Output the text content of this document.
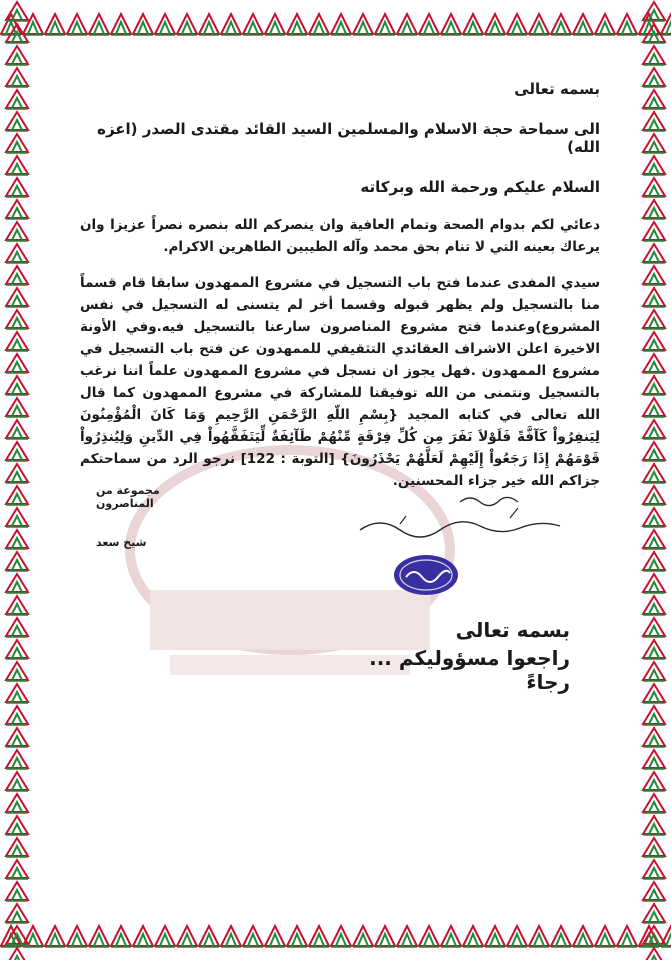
بسمه تعالى
الى سماحة حجة الاسلام والمسلمين السيد القائد مقتدى الصدر (اعزه الله)
السلام عليكم ورحمة الله وبركاته

دعائي لكم بدوام الصحة وتمام العافية وان ينصركم الله بنصره نصراً عزيزا وان يرعاك بعينه التي لا تنام بحق محمد وآله الطيبين الطاهرين الاكرام.

سيدي المفدى عندما فتح باب التسجيل في مشروع الممهدون سابقا قام قسماً منا بالتسجيل ولم يظهر قبوله وقسما أخر لم يتسنى له التسجيل في نفس المشروع)وعندما فتح مشروع المناصرون سارعنا بالتسجيل فيه.وفي الأونة الاخيرة اعلن الاشراف العقائدي التثقيفي للممهدون عن فتح باب التسجيل في مشروع الممهدون .فهل يجوز ان نسجل في مشروع الممهدون علماً اننا نرغب بالتسجيل ونتمنى من الله توفيقنا للمشاركة في مشروع الممهدون كما قال الله تعالى في كتابه المجيد {بِسْمِ اللّهِ الرَّحْمَنِ الرَّحِيمِ وَمَا كَانَ الْمُؤْمِنُونَ لِيَنفِرُواْ كَآفَّةً فَلَوْلاَ نَفَرَ مِن كُلِّ فِرْقَةٍ مِّنْهُمْ طَآئِفَةٌ لِّيَتَفَقَّهُواْ فِي الدِّينِ وَلِيُنذِرُواْ قَوْمَهُمْ إِذَا رَجَعُواْ إِلَيْهِمْ لَعَلَّهُمْ يَحْذَرُونَ} [التوبة : 122] نرجو الرد من سماحتكم جزاكم الله خير جزاء المحسنين.

مجموعة من المناصرون
شيخ سعد
بسمه تعالى
راجعوا مسؤوليكم ... رجاءً
